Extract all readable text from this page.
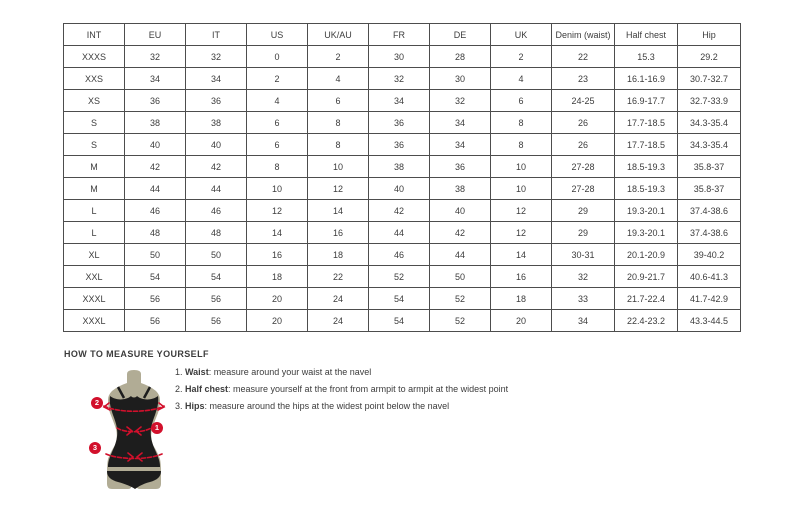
INT	EU	IT	US	UK/AU	FR	DE	UK	Denim (waist)	Half chest	Hip
XXXS	32	32	0	2	30	28	2	22	15.3	29.2
XXS	34	34	2	4	32	30	4	23	16.1-16.9	30.7-32.7
XS	36	36	4	6	34	32	6	24-25	16.9-17.7	32.7-33.9
S	38	38	6	8	36	34	8	26	17.7-18.5	34.3-35.4
S	40	40	6	8	36	34	8	26	17.7-18.5	34.3-35.4
M	42	42	8	10	38	36	10	27-28	18.5-19.3	35.8-37
M	44	44	10	12	40	38	10	27-28	18.5-19.3	35.8-37
L	46	46	12	14	42	40	12	29	19.3-20.1	37.4-38.6
L	48	48	14	16	44	42	12	29	19.3-20.1	37.4-38.6
XL	50	50	16	18	46	44	14	30-31	20.1-20.9	39-40.2
XXL	54	54	18	22	52	50	16	32	20.9-21.7	40.6-41.3
XXXL	56	56	20	24	54	52	18	33	21.7-22.4	41.7-42.9
XXXL	56	56	20	24	54	52	20	34	22.4-23.2	43.3-44.5
HOW TO MEASURE YOURSELF
2
1
3
1. Waist: measure around your waist at the navel
2. Half chest: measure yourself at the front from armpit to armpit at the widest point
3. Hips: measure around the hips at the widest point below the navel
